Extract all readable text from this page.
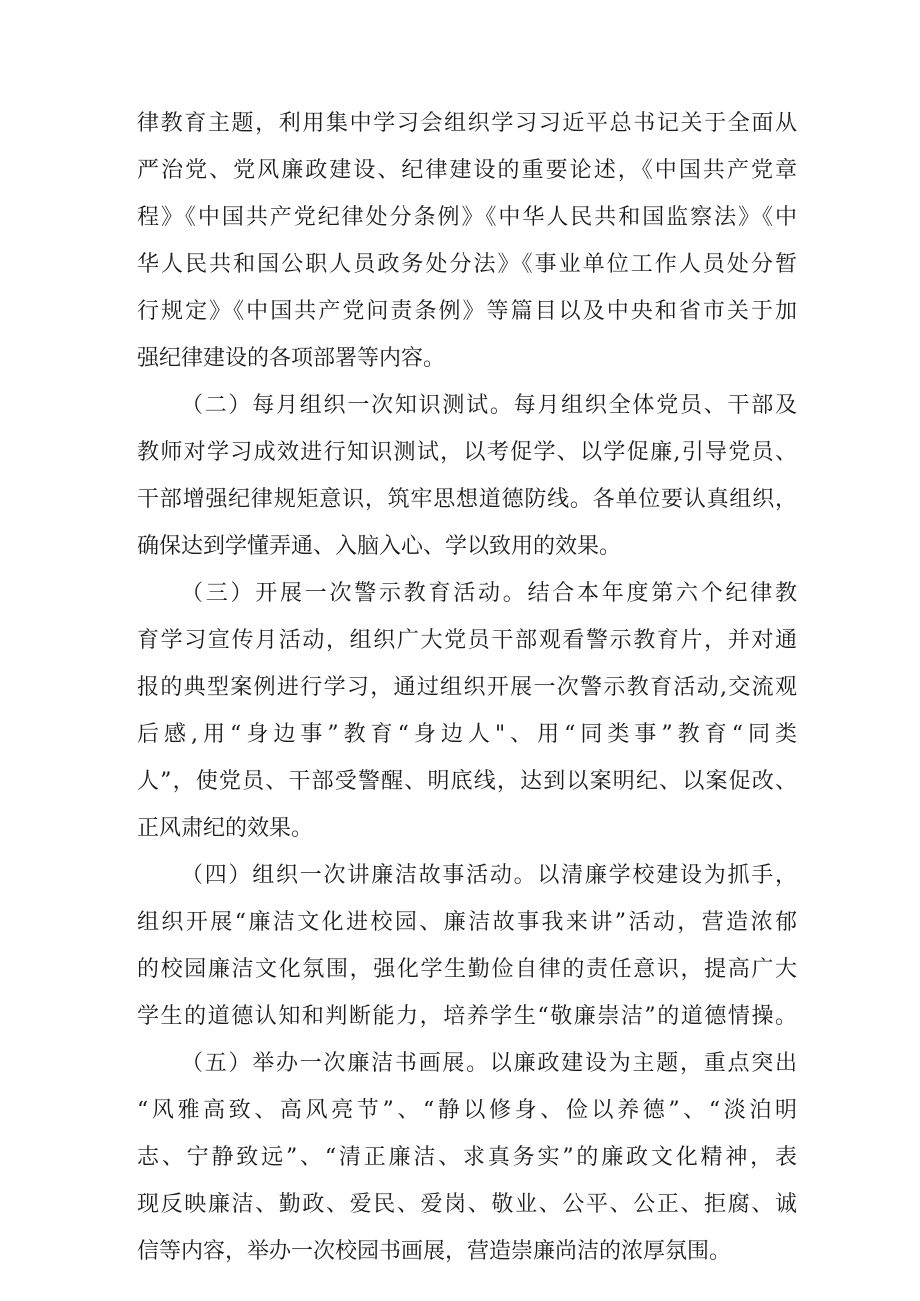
律教育主题，利用集中学习会组织学习习近平总书记关于全面从
严治党、党风廉政建设、纪律建设的重要论述，《中国共产党章
程》《中国共产党纪律处分条例》《中华人民共和国监察法》《中
华人民共和国公职人员政务处分法》《事业单位工作人员处分暂
行规定》《中国共产党问责条例》等篇目以及中央和省市关于加
强纪律建设的各项部署等内容。
（二）每月组织一次知识测试。每月组织全体党员、干部及
教师对学习成效进行知识测试，以考促学、以学促廉,引导党员、
干部增强纪律规矩意识，筑牢思想道德防线。各单位要认真组织，
确保达到学懂弄通、入脑入心、学以致用的效果。
（三）开展一次警示教育活动。结合本年度第六个纪律教
育学习宣传月活动，组织广大党员干部观看警示教育片，并对通
报的典型案例进行学习，通过组织开展一次警示教育活动,交流观
后感,用“身边事”教育“身边人"、用“同类事”教育“同类
人”，使党员、干部受警醒、明底线，达到以案明纪、以案促改、
正风肃纪的效果。
（四）组织一次讲廉洁故事活动。以清廉学校建设为抓手，
组织开展“廉洁文化进校园、廉洁故事我来讲”活动，营造浓郁
的校园廉洁文化氛围，强化学生勤俭自律的责任意识，提高广大
学生的道德认知和判断能力，培养学生“敬廉崇洁”的道德情操。
（五）举办一次廉洁书画展。以廉政建设为主题，重点突出
“风雅高致、高风亮节”、“静以修身、俭以养德”、“淡泊明
志、宁静致远”、“清正廉洁、求真务实”的廉政文化精神，表
现反映廉洁、勤政、爱民、爱岗、敬业、公平、公正、拒腐、诚
信等内容，举办一次校园书画展，营造崇廉尚洁的浓厚氛围。
